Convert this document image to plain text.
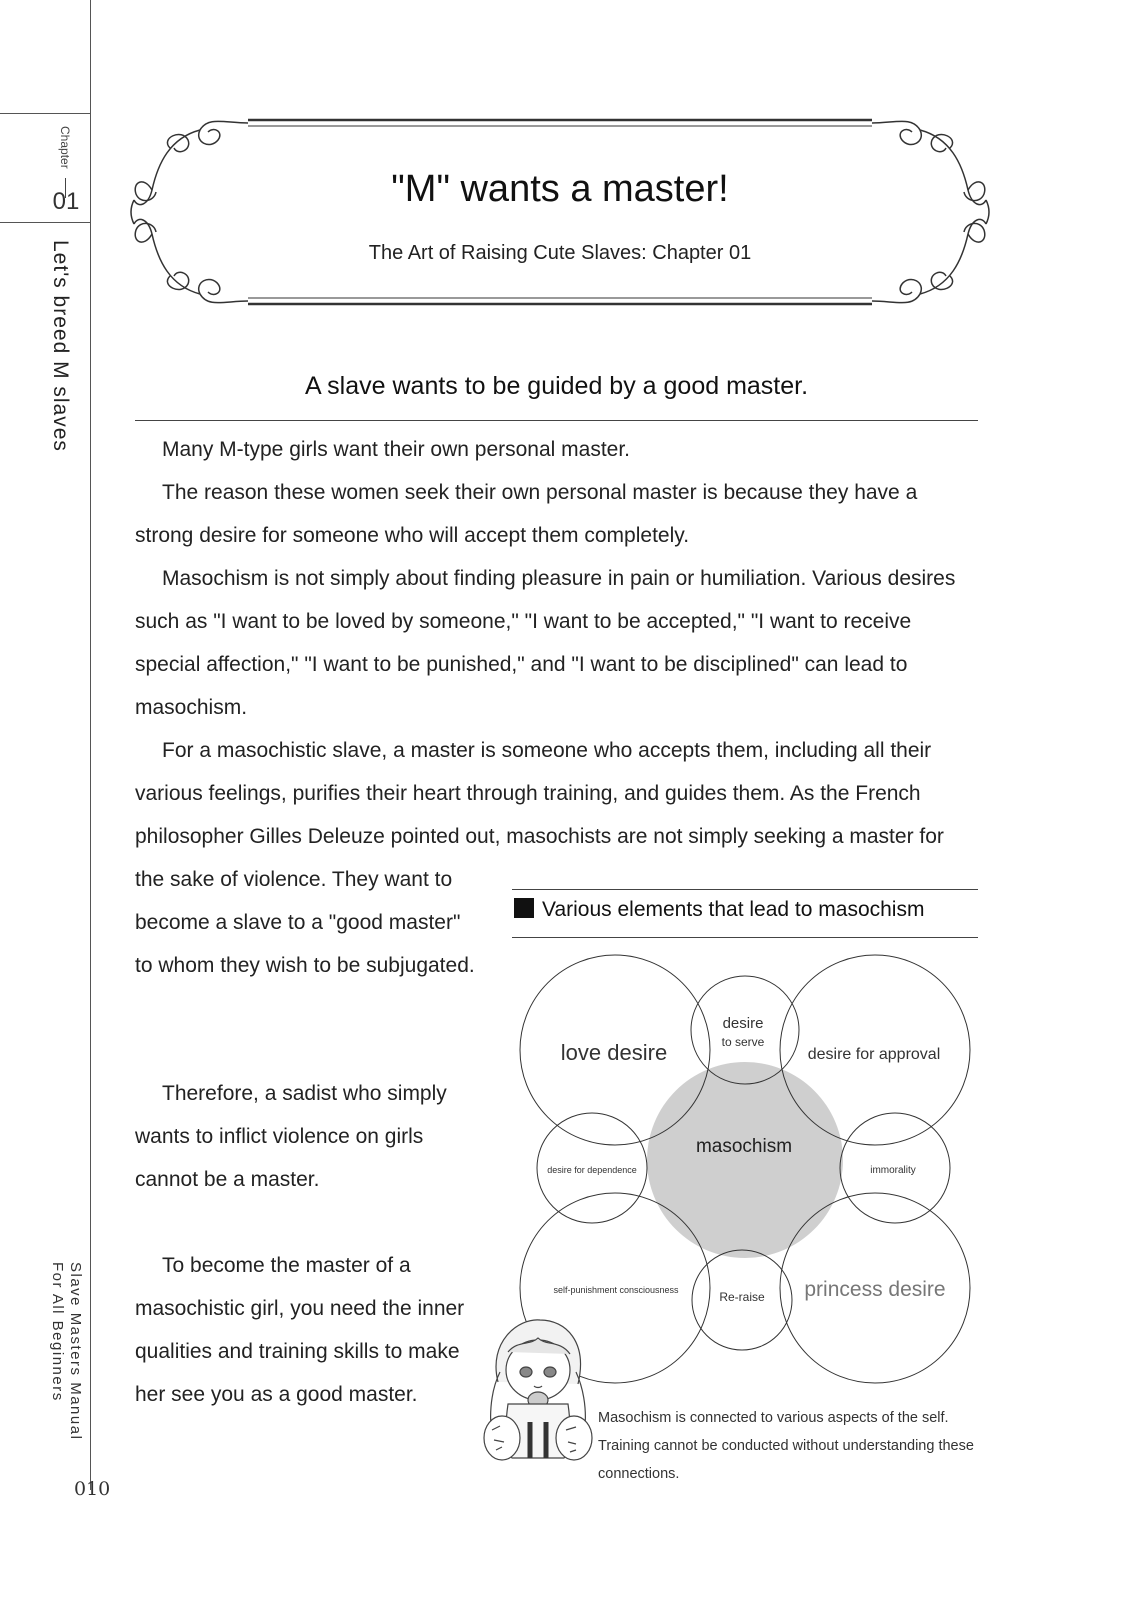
Chapter
01
Let's breed M slaves
Slave Masters Manual
For All Beginners
010
"M" wants a master!
The Art of Raising Cute Slaves: Chapter 01
A slave wants to be guided by a good master.

Many M-type girls want their own personal master.

The reason these women seek their own personal master is because they have a strong desire for someone who will accept them completely.

Masochism is not simply about finding pleasure in pain or humiliation. Various desires such as "I want to be loved by someone," "I want to be accepted," "I want to receive special affection," "I want to be punished," and "I want to be disciplined" can lead to masochism.

For a masochistic slave, a master is someone who accepts them, including all their various feelings, purifies their heart through training, and guides them. As the French philosopher Gilles Deleuze pointed out, masochists are not simply seeking a master for

the sake of violence. They want to become a slave to a "good master" to whom they wish to be subjugated.

Therefore, a sadist who simply wants to inflict violence on girls cannot be a master.

To become the master of a masochistic girl, you need the inner qualities and training skills to make her see you as a good master.

Various elements that lead to masochism
love desire
desire
to serve
desire for approval
masochism
desire for dependence	immorality
self-punishment consciousness	Re-raise princess desire
Masochism is connected to various aspects of the self. Training cannot be conducted without understanding these connections.
